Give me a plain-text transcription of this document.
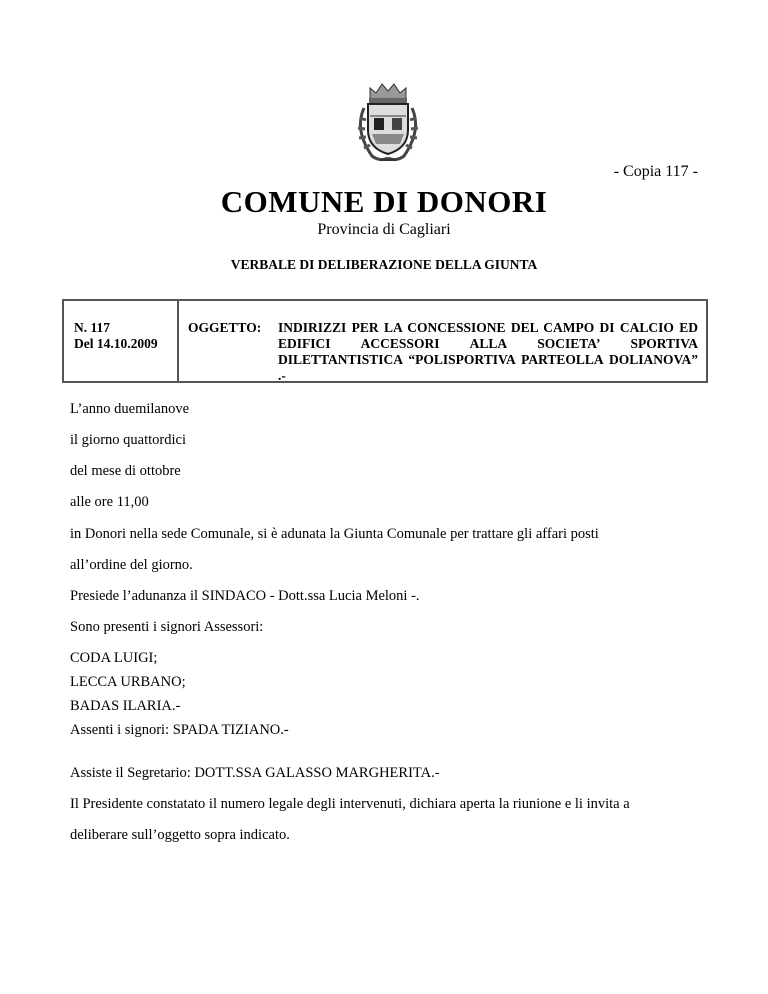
- Copia 117 -
COMUNE DI DONORI
Provincia di Cagliari
VERBALE DI DELIBERAZIONE DELLA GIUNTA
N. 117
Del 14.10.2009
OGGETTO: INDIRIZZI PER LA CONCESSIONE DEL CAMPO DI CALCIO ED EDIFICI ACCESSORI ALLA SOCIETA’ SPORTIVA DILETTANTISTICA “POLISPORTIVA PARTEOLLA DOLIANOVA” .-
L’anno duemilanove
il giorno quattordici
del mese di ottobre
alle ore 11,00
in Donori nella sede Comunale, si è adunata la Giunta Comunale per trattare gli affari posti
all’ordine del giorno.
Presiede l’adunanza il SINDACO - Dott.ssa Lucia Meloni -.
Sono presenti i signori Assessori:
CODA LUIGI;
LECCA URBANO;
BADAS ILARIA.-
Assenti i signori: SPADA TIZIANO.-
Assiste il Segretario: DOTT.SSA GALASSO MARGHERITA.-
Il Presidente constatato il numero legale degli intervenuti, dichiara aperta la riunione e li invita a
deliberare sull’oggetto sopra indicato.
